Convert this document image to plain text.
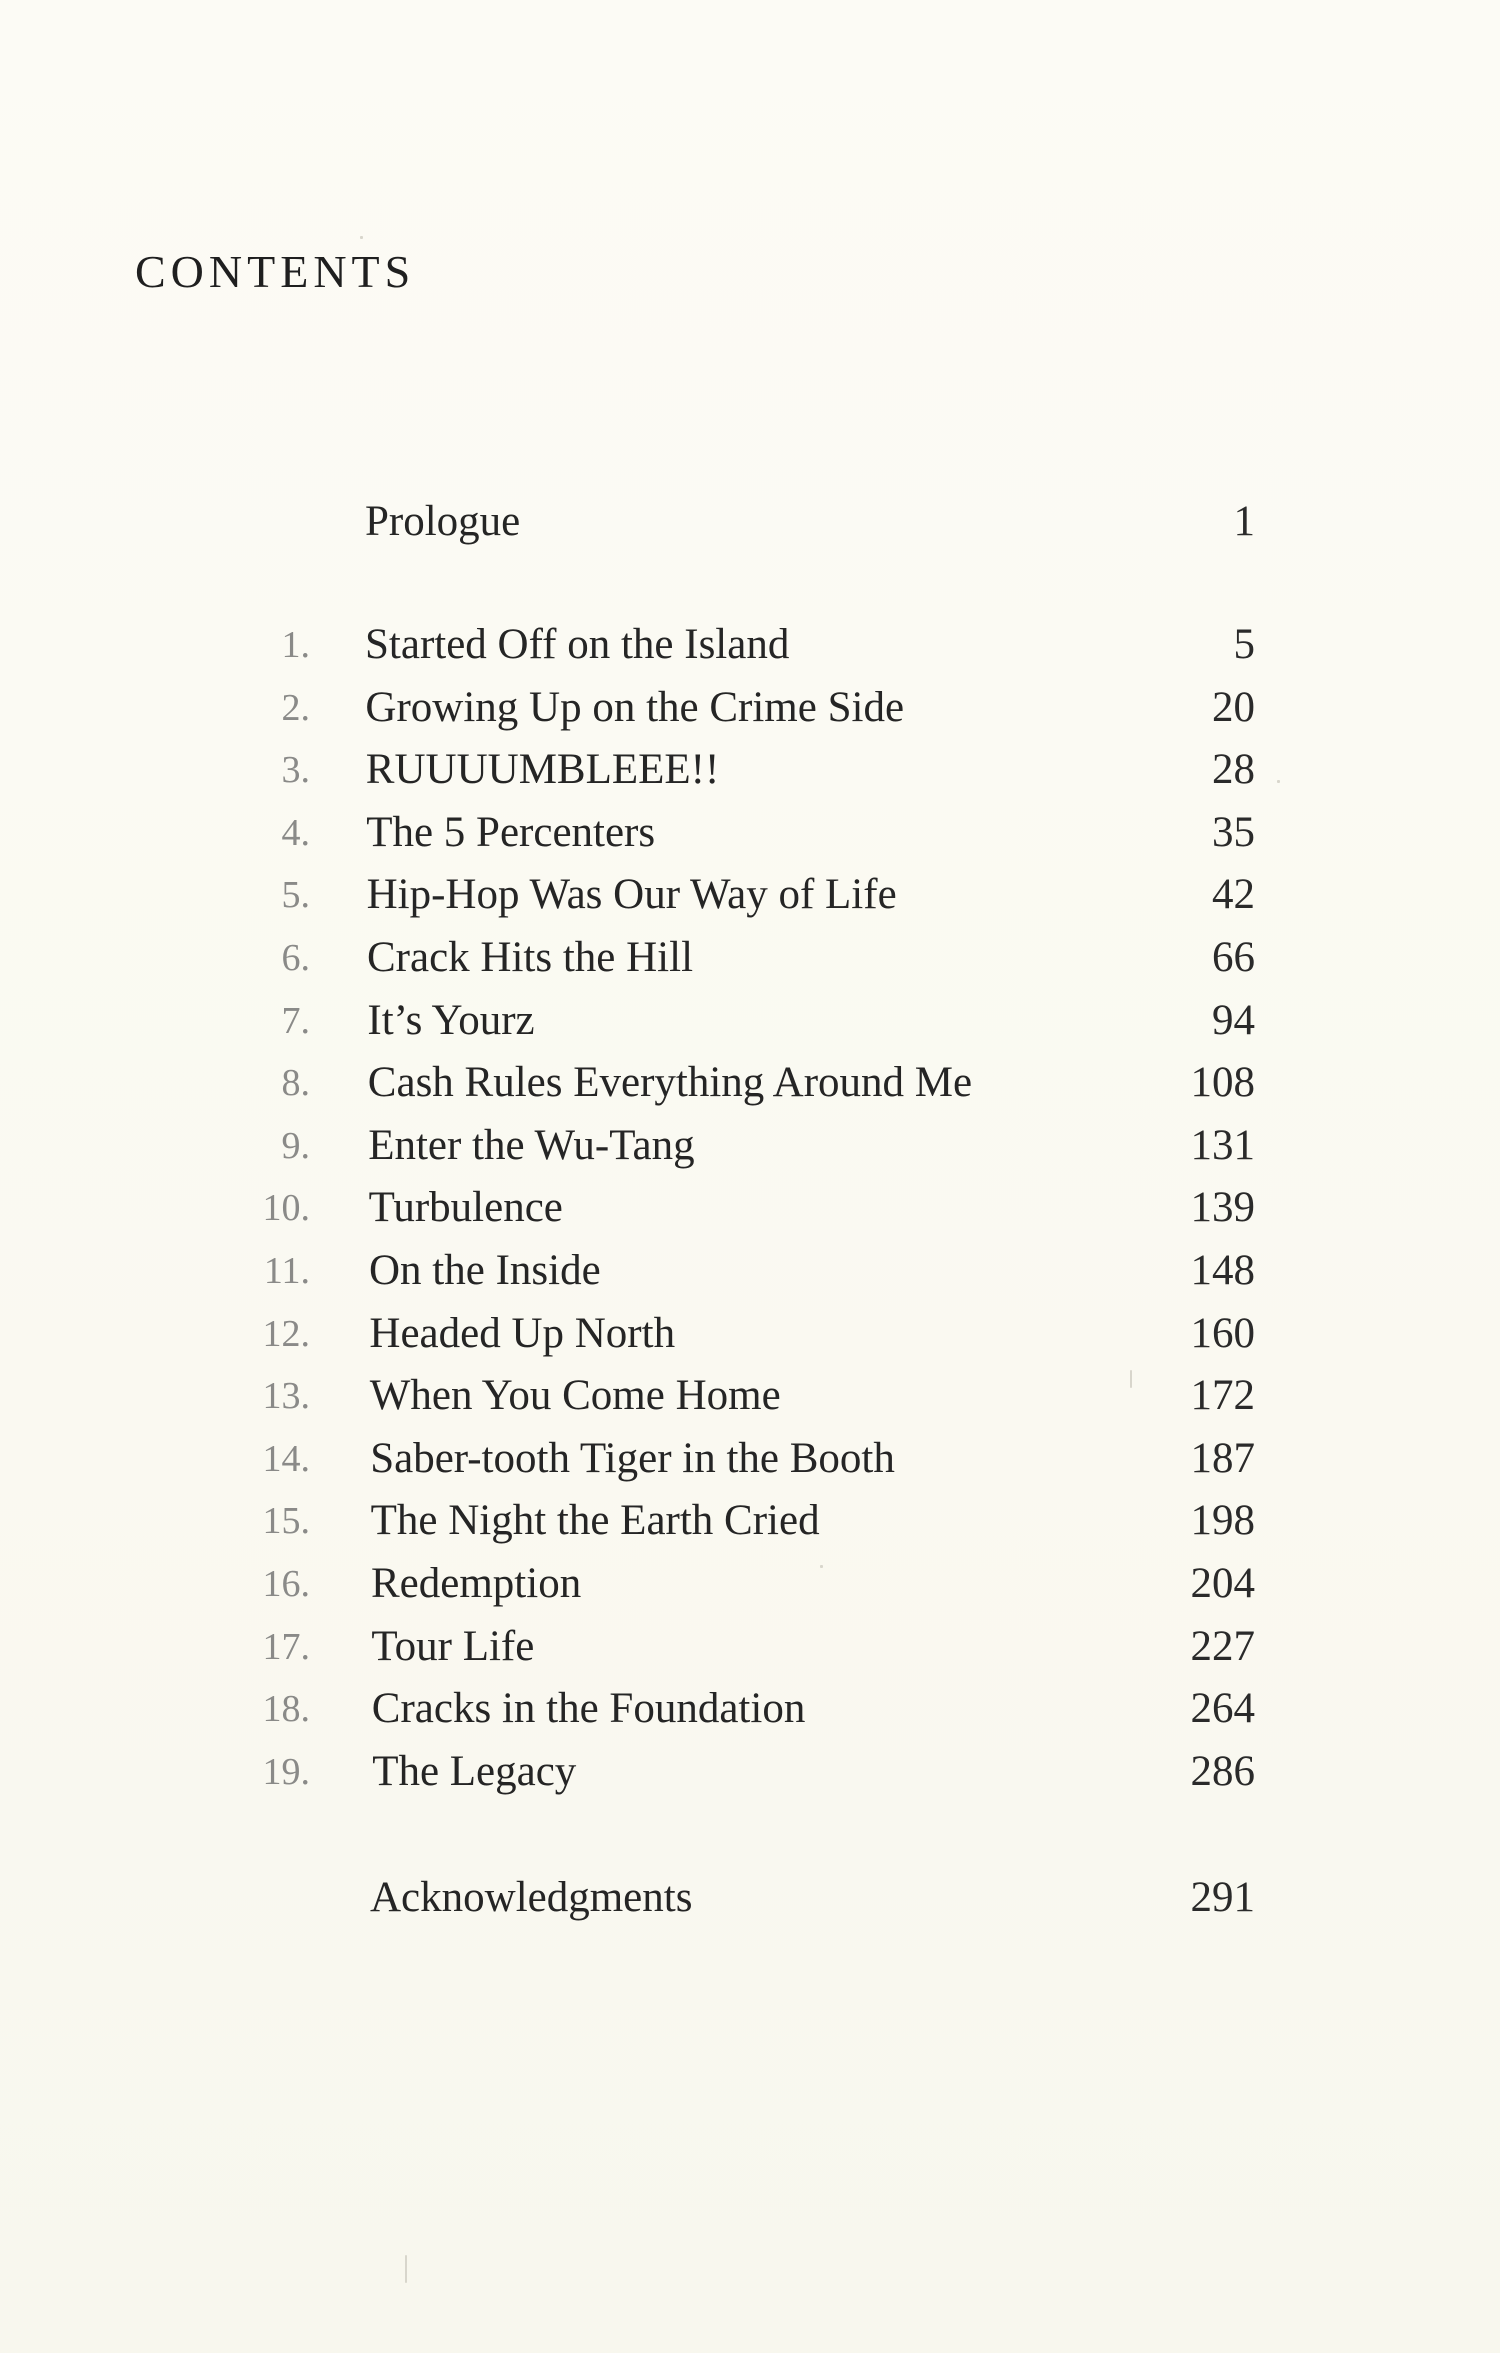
CONTENTS
Prologue	1
1. Started Off on the Island	5
2. Growing Up on the Crime Side	20
3. RUUUUMBLEEE!!	28
4. The 5 Percenters	35
5. Hip-Hop Was Our Way of Life	42
6. Crack Hits the Hill	66
7. It’s Yourz	94
8. Cash Rules Everything Around Me	108
9. Enter the Wu-Tang	131
10. Turbulence	139
11. On the Inside	148
12. Headed Up North	160
13. When You Come Home	172
14. Saber-tooth Tiger in the Booth	187
15. The Night the Earth Cried	198
16. Redemption	204
17. Tour Life	227
18. Cracks in the Foundation	264
19. The Legacy	286
Acknowledgments	291
